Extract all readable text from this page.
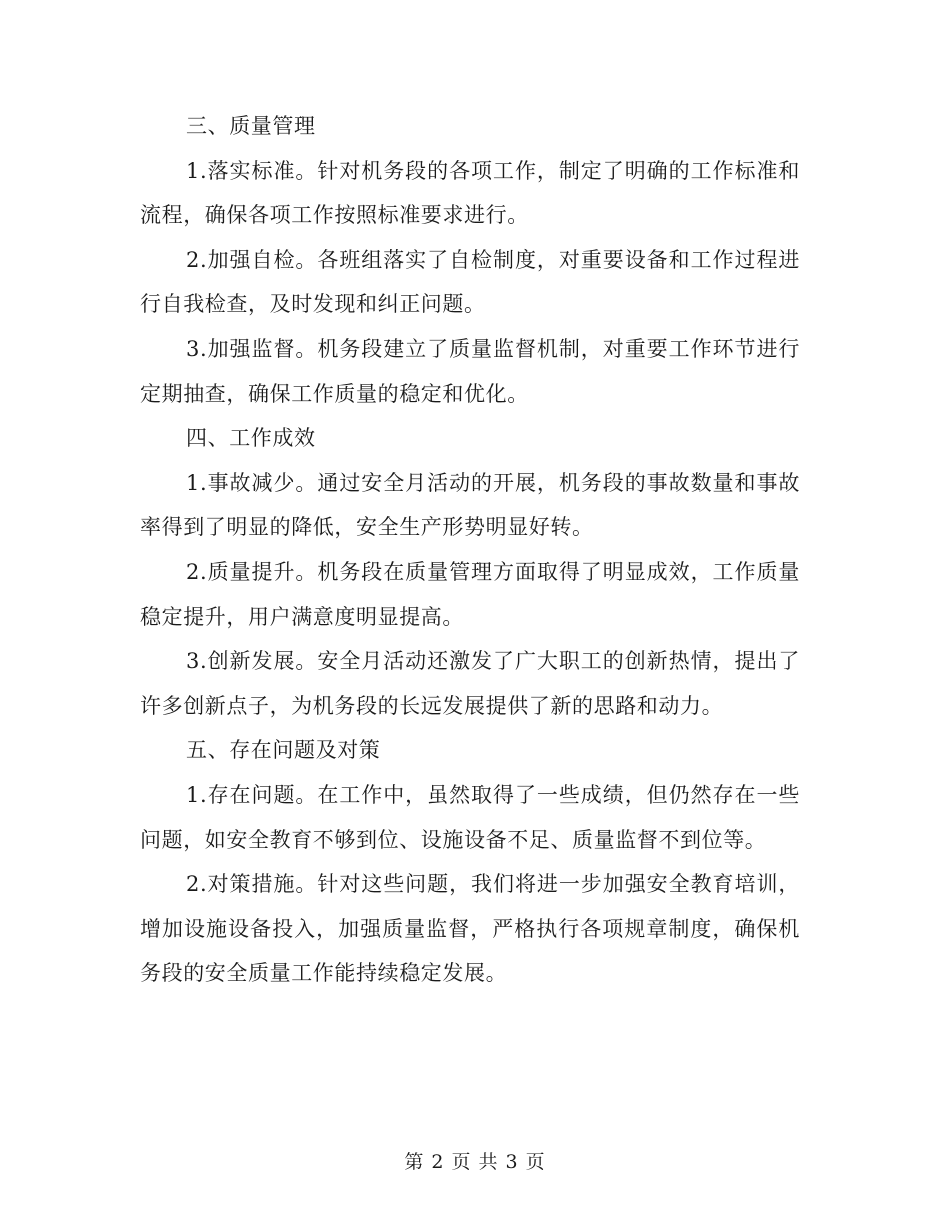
三、质量管理

1.落实标准。针对机务段的各项工作，制定了明确的工作标准和流程，确保各项工作按照标准要求进行。

2.加强自检。各班组落实了自检制度，对重要设备和工作过程进行自我检查，及时发现和纠正问题。

3.加强监督。机务段建立了质量监督机制，对重要工作环节进行定期抽查，确保工作质量的稳定和优化。

四、工作成效

1.事故减少。通过安全月活动的开展，机务段的事故数量和事故率得到了明显的降低，安全生产形势明显好转。

2.质量提升。机务段在质量管理方面取得了明显成效，工作质量稳定提升，用户满意度明显提高。

3.创新发展。安全月活动还激发了广大职工的创新热情，提出了许多创新点子，为机务段的长远发展提供了新的思路和动力。

五、存在问题及对策

1.存在问题。在工作中，虽然取得了一些成绩，但仍然存在一些问题，如安全教育不够到位、设施设备不足、质量监督不到位等。

2.对策措施。针对这些问题，我们将进一步加强安全教育培训，增加设施设备投入，加强质量监督，严格执行各项规章制度，确保机务段的安全质量工作能持续稳定发展。

第 2 页 共 3 页
